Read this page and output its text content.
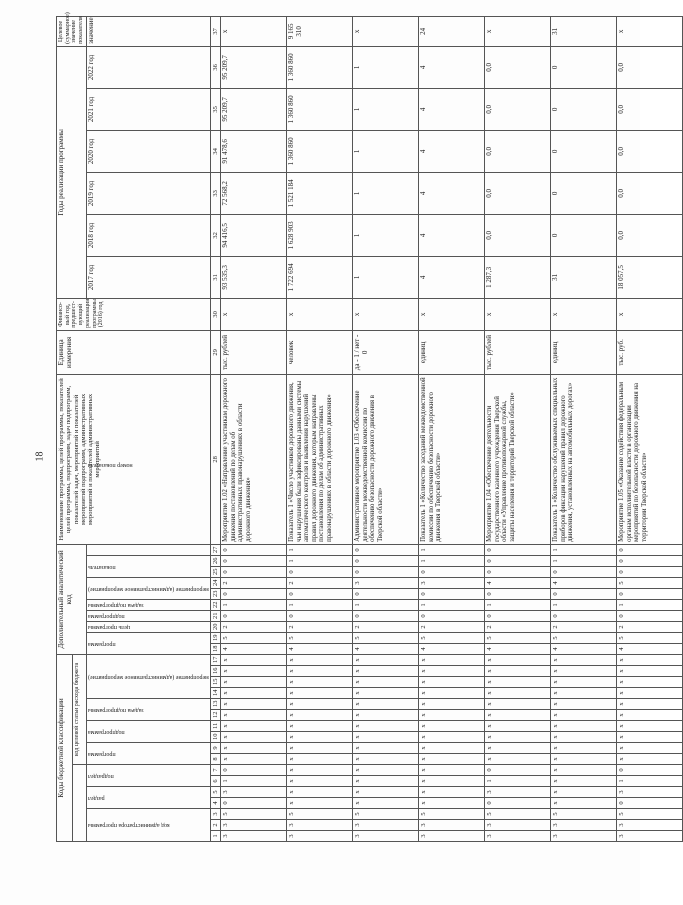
18
Коды бюджетной классификации																	Дополнительный аналитический код										Наименование программы, целей программы, показателей целей программы, подпрограмм, задач подпрограмм, показателей задач, мероприятий и показателей мероприятий подпрограмм, административных мероприятий и показателей административных мероприятий	Единица измерения	Финансо-вый год, предшест-вующий реализации программы (2016) год	Годы реализации программы						Целевое (суммарное) значение показателя
							код целевой статьи расхода бюджета																													

код администратора программы			раздел		подраздел		программа		подпрограмма		задача подпрограммы		мероприятие (административное мероприятие)				программа		цель программы	подпрограмма	задача подпрограммы	мероприятие (административное мероприятие)		показатель		номер показателя				2017 год	2018 год	2019 год	2020 год	2021 год	2022 год	значение
1	2	3	4	5	6	7	8	9	10	11	12	13	14	15	16	17	18	19	20	21	22	23	24	25	26	27	28	29	30	31	32	33	34	35	36	37
3	3	5	0	3	1	0	х	х	х	х	х	х	х	х	х	х	4	5	2	0	1	0	2	0	0	0	Мероприятие 1.02 «Направление участникам дорожного движения постановлений по делам об административных правонарушениях в области дорожного движения»	тыс. рублей	х	93 535,3	94 416,5	72 568,2	91 478,6	95 209,7	95 209,7	х
3	3	5	х	х	х	х	х	х	х	х	х	х	х	х	х	х	4	5	2	0	1	0	2	0	1	1	Показатель 1 «Число участников дорожного движения, чьи нарушения были зафиксированы данными системы автоматического контроля и выявления нарушений правил дорожного движения, которым направлены постановления по делам об административных правонарушениях в области дорожного движения»	человек	х	1 722 694	1 628 903	1 521 184	1 360 860	1 360 860	1 360 860	9 165 310
3	3	5	х	х	х	х	х	х	х	х	х	х	х	х	х	х	4	5	2	0	1	0	3	0	0	0	Административное мероприятие 1.03 «Обеспечение деятельности межведомственной комиссии по обеспечению безопасности дорожного движения в Тверской области»	да - 1 / нет - 0	х	1	1	1	1	1	1	х
3	3	5	х	х	х	х	х	х	х	х	х	х	х	х	х	х	4	5	2	0	1	0	3	0	1	1	Показатель 1 «Количество заседаний межведомственной комиссии по обеспечению безопасности дорожного движения в Тверской области»	единиц	х	4	4	4	4	4	4	24
3	3	5	0	3	1	0	х	х	х	х	х	х	х	х	х	х	4	5	2	0	1	0	4	0	0	0	Мероприятие 1.04 «Обеспечение деятельности государственного казенного учреждения Тверской области «Управление противопожарной службы, защиты населения и территорий Тверской области»	тыс. рублей	х	1 287,3	0,0	0,0	0,0	0,0	0,0	х
3	3	5	х	х	х	х	х	х	х	х	х	х	х	х	х	х	4	5	2	0	1	0	4	0	1	1	Показатель 1 «Количество обслуживаемых специальных приборов фиксации нарушений правил дорожного движения, установленных на автомобильных дорогах»	единиц	х	31	0	0	0	0	0	31
3	3	5	0	3	1	0	х	х	х	х	х	х	х	х	х	х	4	5	2	0	1	0	5	0	0	0	Мероприятие 1.05 «Оказание содействия федеральным органам исполнительной власти в организации мероприятий по безопасности дорожного движения на территории Тверской области»	тыс. руб.	х	18 057,5	0,0	0,0	0,0	0,0	0,0	х
